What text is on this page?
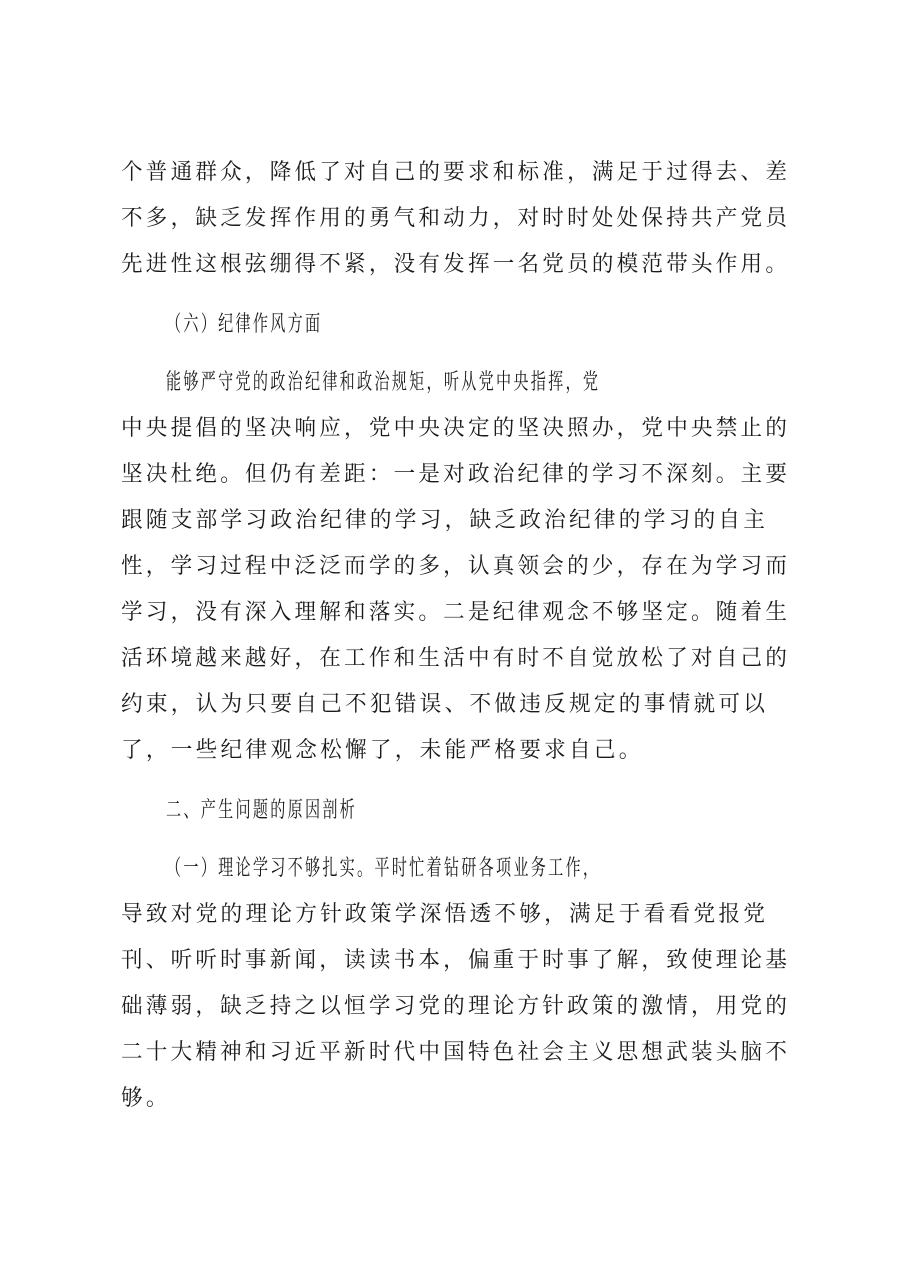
个普通群众，降低了对自己的要求和标准，满足于过得去、差
不多，缺乏发挥作用的勇气和动力，对时时处处保持共产党员
先进性这根弦绷得不紧，没有发挥一名党员的模范带头作用。
（六）纪律作风方面
能够严守党的政治纪律和政治规矩，听从党中央指挥，党
中央提倡的坚决响应，党中央决定的坚决照办，党中央禁止的
坚决杜绝。但仍有差距：一是对政治纪律的学习不深刻。主要
跟随支部学习政治纪律的学习，缺乏政治纪律的学习的自主
性，学习过程中泛泛而学的多，认真领会的少，存在为学习而
学习，没有深入理解和落实。二是纪律观念不够坚定。随着生
活环境越来越好，在工作和生活中有时不自觉放松了对自己的
约束，认为只要自己不犯错误、不做违反规定的事情就可以
了，一些纪律观念松懈了，未能严格要求自己。
二、产生问题的原因剖析
（一）理论学习不够扎实。平时忙着钻研各项业务工作，
导致对党的理论方针政策学深悟透不够，满足于看看党报党
刊、听听时事新闻，读读书本，偏重于时事了解，致使理论基
础薄弱，缺乏持之以恒学习党的理论方针政策的激情，用党的
二十大精神和习近平新时代中国特色社会主义思想武装头脑不
够。
